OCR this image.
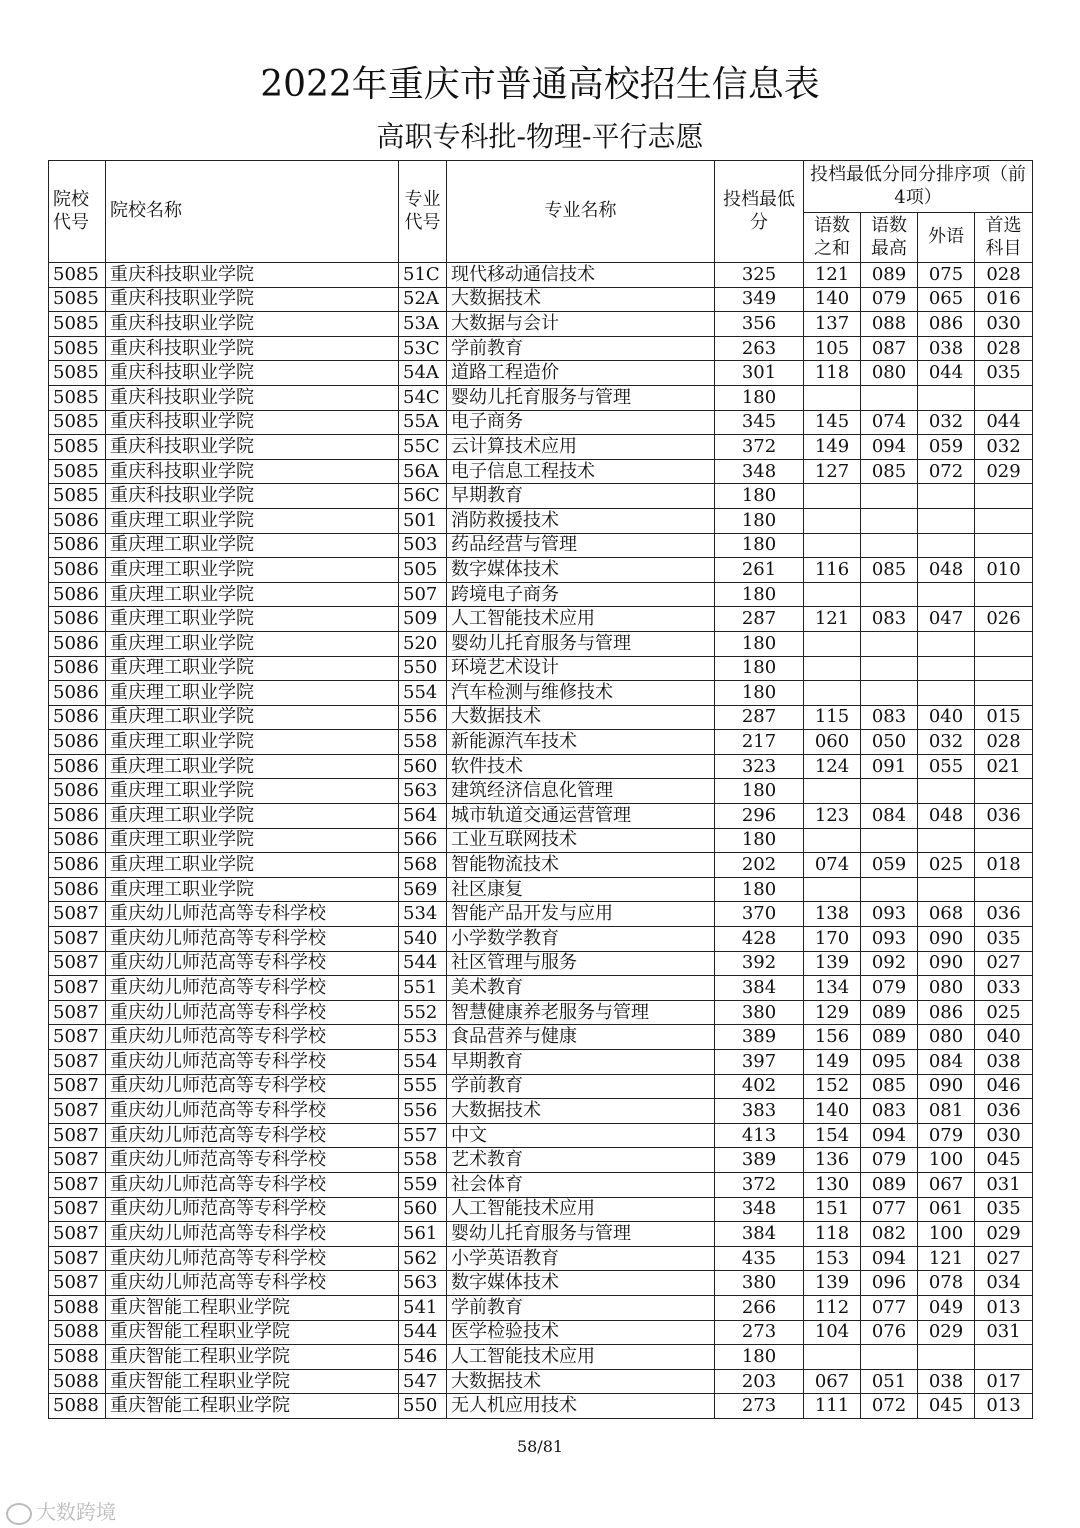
2022年重庆市普通高校招生信息表
高职专科批-物理-平行志愿
院校代号	院校名称	专业代号	专业名称	投档最低分	投档最低分同分排序项（前4项）			
					语数之和	语数最高	外语	首选科目
5085	重庆科技职业学院	51C	现代移动通信技术	325	121	089	075	028
5085	重庆科技职业学院	52A	大数据技术	349	140	079	065	016
5085	重庆科技职业学院	53A	大数据与会计	356	137	088	086	030
5085	重庆科技职业学院	53C	学前教育	263	105	087	038	028
5085	重庆科技职业学院	54A	道路工程造价	301	118	080	044	035
5085	重庆科技职业学院	54C	婴幼儿托育服务与管理	180				
5085	重庆科技职业学院	55A	电子商务	345	145	074	032	044
5085	重庆科技职业学院	55C	云计算技术应用	372	149	094	059	032
5085	重庆科技职业学院	56A	电子信息工程技术	348	127	085	072	029
5085	重庆科技职业学院	56C	早期教育	180				
5086	重庆理工职业学院	501	消防救援技术	180				
5086	重庆理工职业学院	503	药品经营与管理	180				
5086	重庆理工职业学院	505	数字媒体技术	261	116	085	048	010
5086	重庆理工职业学院	507	跨境电子商务	180				
5086	重庆理工职业学院	509	人工智能技术应用	287	121	083	047	026
5086	重庆理工职业学院	520	婴幼儿托育服务与管理	180				
5086	重庆理工职业学院	550	环境艺术设计	180				
5086	重庆理工职业学院	554	汽车检测与维修技术	180				
5086	重庆理工职业学院	556	大数据技术	287	115	083	040	015
5086	重庆理工职业学院	558	新能源汽车技术	217	060	050	032	028
5086	重庆理工职业学院	560	软件技术	323	124	091	055	021
5086	重庆理工职业学院	563	建筑经济信息化管理	180				
5086	重庆理工职业学院	564	城市轨道交通运营管理	296	123	084	048	036
5086	重庆理工职业学院	566	工业互联网技术	180				
5086	重庆理工职业学院	568	智能物流技术	202	074	059	025	018
5086	重庆理工职业学院	569	社区康复	180				
5087	重庆幼儿师范高等专科学校	534	智能产品开发与应用	370	138	093	068	036
5087	重庆幼儿师范高等专科学校	540	小学数学教育	428	170	093	090	035
5087	重庆幼儿师范高等专科学校	544	社区管理与服务	392	139	092	090	027
5087	重庆幼儿师范高等专科学校	551	美术教育	384	134	079	080	033
5087	重庆幼儿师范高等专科学校	552	智慧健康养老服务与管理	380	129	089	086	025
5087	重庆幼儿师范高等专科学校	553	食品营养与健康	389	156	089	080	040
5087	重庆幼儿师范高等专科学校	554	早期教育	397	149	095	084	038
5087	重庆幼儿师范高等专科学校	555	学前教育	402	152	085	090	046
5087	重庆幼儿师范高等专科学校	556	大数据技术	383	140	083	081	036
5087	重庆幼儿师范高等专科学校	557	中文	413	154	094	079	030
5087	重庆幼儿师范高等专科学校	558	艺术教育	389	136	079	100	045
5087	重庆幼儿师范高等专科学校	559	社会体育	372	130	089	067	031
5087	重庆幼儿师范高等专科学校	560	人工智能技术应用	348	151	077	061	035
5087	重庆幼儿师范高等专科学校	561	婴幼儿托育服务与管理	384	118	082	100	029
5087	重庆幼儿师范高等专科学校	562	小学英语教育	435	153	094	121	027
5087	重庆幼儿师范高等专科学校	563	数字媒体技术	380	139	096	078	034
5088	重庆智能工程职业学院	541	学前教育	266	112	077	049	013
5088	重庆智能工程职业学院	544	医学检验技术	273	104	076	029	031
5088	重庆智能工程职业学院	546	人工智能技术应用	180				
5088	重庆智能工程职业学院	547	大数据技术	203	067	051	038	017
5088	重庆智能工程职业学院	550	无人机应用技术	273	111	072	045	013
58/81
大数跨境
